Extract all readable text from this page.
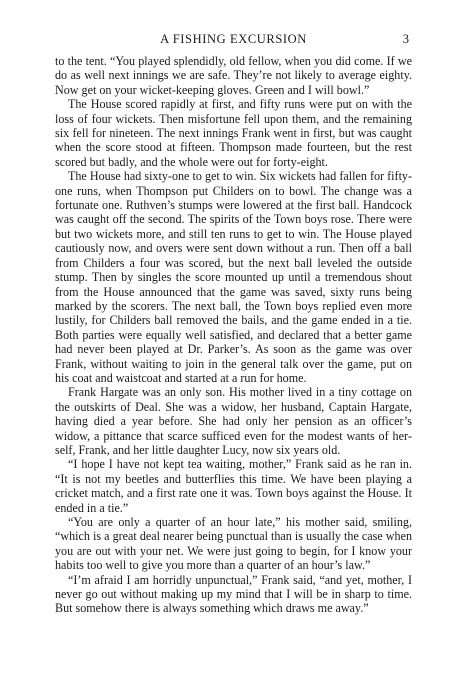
A FISHING EXCURSION	3

to the tent. “You played splendidly, old fellow, when you did come. If we do as well next innings we are safe. They’re not likely to average eighty. Now get on your wicket-keeping gloves. Green and I will bowl.”

The House scored rapidly at first, and fifty runs were put on with the loss of four wickets. Then misfortune fell upon them, and the remaining six fell for nineteen. The next innings Frank went in first, but was caught when the score stood at fifteen. Thompson made fourteen, but the rest scored but badly, and the whole were out for forty-eight.

The House had sixty-one to get to win. Six wickets had fallen for fifty-one runs, when Thompson put Childers on to bowl. The change was a fortunate one. Ruthven’s stumps were lowered at the first ball. Handcock was caught off the second. The spirits of the Town boys rose. There were but two wickets more, and still ten runs to get to win. The House played cautiously now, and overs were sent down without a run. Then off a ball from Childers a four was scored, but the next ball leveled the outside stump. Then by singles the score mounted up until a tremendous shout from the House announced that the game was saved, sixty runs being marked by the scorers. The next ball, the Town boys replied even more lustily, for Childers ball removed the bails, and the game ended in a tie. Both parties were equally well satisfied, and declared that a better game had never been played at Dr. Parker’s. As soon as the game was over Frank, without waiting to join in the general talk over the game, put on his coat and waistcoat and started at a run for home.

Frank Hargate was an only son. His mother lived in a tiny cottage on the outskirts of Deal. She was a widow, her husband, Captain Hargate, having died a year before. She had only her pension as an officer’s widow, a pittance that scarce sufficed even for the modest wants of herself, Frank, and her little daughter Lucy, now six years old.

“I hope I have not kept tea waiting, mother,” Frank said as he ran in. “It is not my beetles and butterflies this time. We have been playing a cricket match, and a first rate one it was. Town boys against the House. It ended in a tie.”

“You are only a quarter of an hour late,” his mother said, smiling, “which is a great deal nearer being punctual than is usually the case when you are out with your net. We were just going to begin, for I know your habits too well to give you more than a quarter of an hour’s law.”

“I’m afraid I am horridly unpunctual,” Frank said, “and yet, mother, I never go out without making up my mind that I will be in sharp to time. But somehow there is always something which draws me away.”
